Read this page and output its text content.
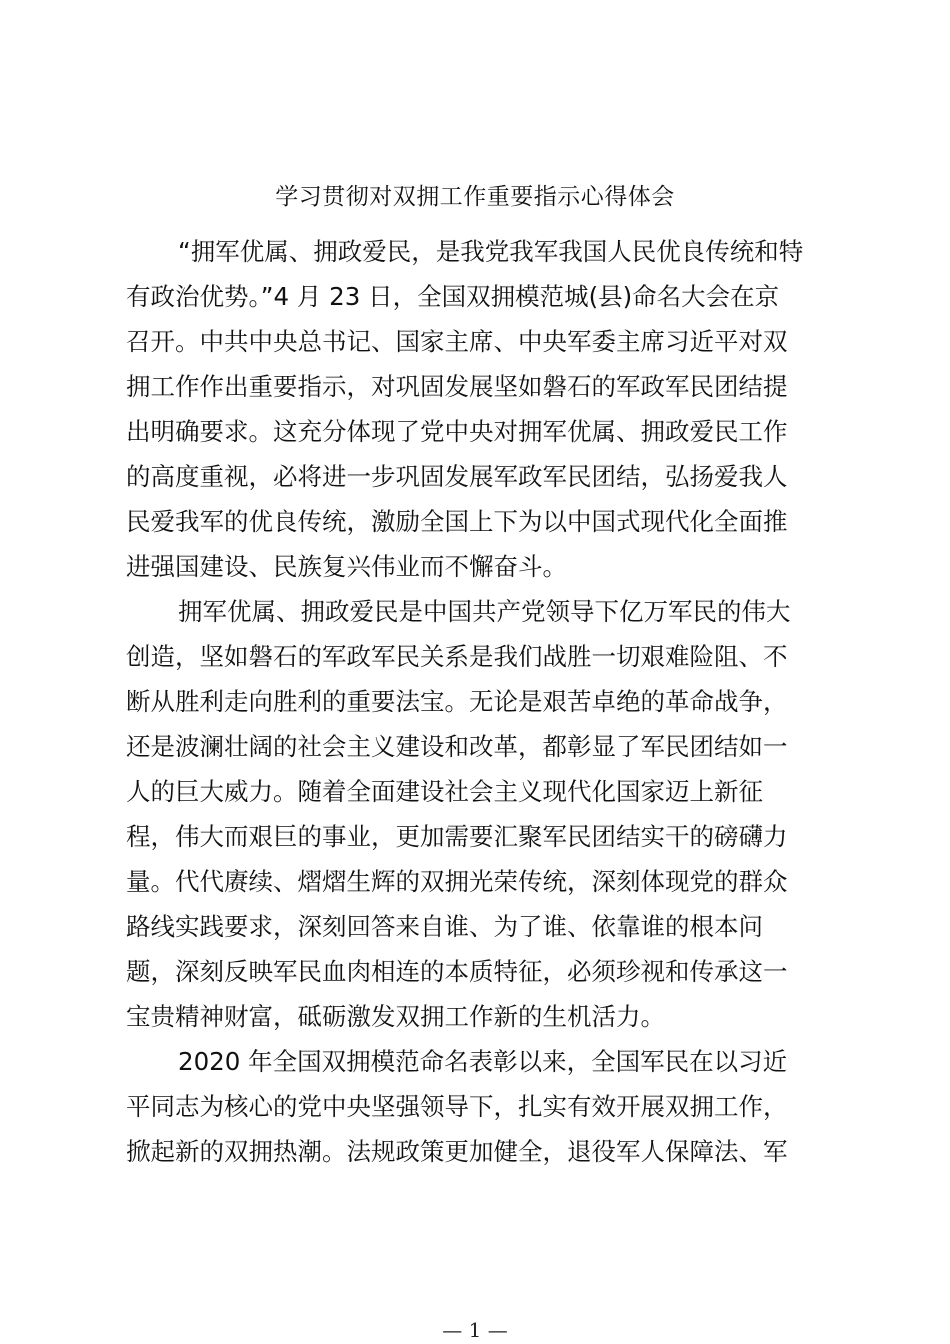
学习贯彻对双拥工作重要指示心得体会
“拥军优属、拥政爱民，是我党我军我国人民优良传统和特
有政治优势。”4 月 23 日，全国双拥模范城(县)命名大会在京
召开。中共中央总书记、国家主席、中央军委主席习近平对双
拥工作作出重要指示，对巩固发展坚如磐石的军政军民团结提
出明确要求。这充分体现了党中央对拥军优属、拥政爱民工作
的高度重视，必将进一步巩固发展军政军民团结，弘扬爱我人
民爱我军的优良传统，激励全国上下为以中国式现代化全面推
进强国建设、民族复兴伟业而不懈奋斗。
拥军优属、拥政爱民是中国共产党领导下亿万军民的伟大
创造，坚如磐石的军政军民关系是我们战胜一切艰难险阻、不
断从胜利走向胜利的重要法宝。无论是艰苦卓绝的革命战争，
还是波澜壮阔的社会主义建设和改革，都彰显了军民团结如一
人的巨大威力。随着全面建设社会主义现代化国家迈上新征
程，伟大而艰巨的事业，更加需要汇聚军民团结实干的磅礴力
量。代代赓续、熠熠生辉的双拥光荣传统，深刻体现党的群众
路线实践要求，深刻回答来自谁、为了谁、依靠谁的根本问
题，深刻反映军民血肉相连的本质特征，必须珍视和传承这一
宝贵精神财富，砥砺激发双拥工作新的生机活力。
2020 年全国双拥模范命名表彰以来，全国军民在以习近
平同志为核心的党中央坚强领导下，扎实有效开展双拥工作，
掀起新的双拥热潮。法规政策更加健全，退役军人保障法、军
— 1 —
